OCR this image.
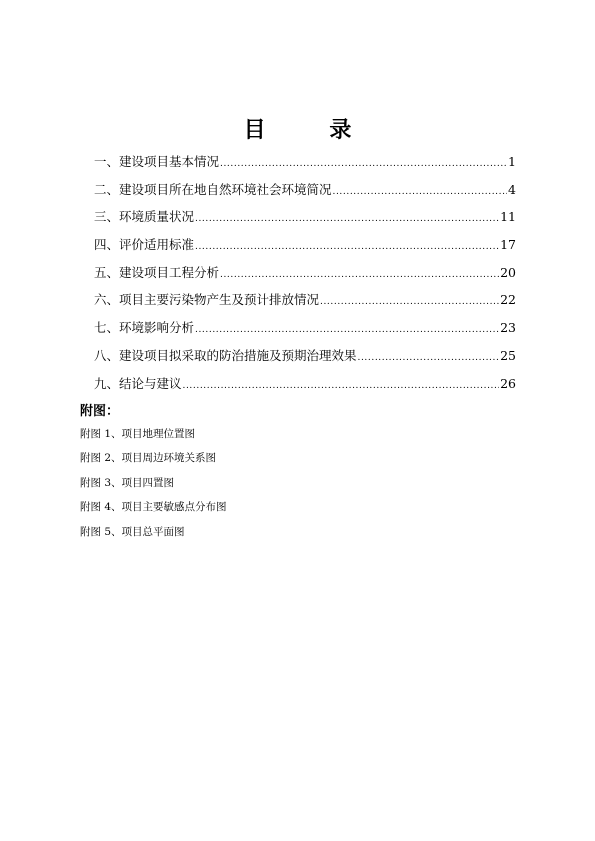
目 录
一、建设项目基本情况 .....	1
二、建设项目所在地自然环境社会环境简况 .....	4
三、环境质量状况 .....	11
四、评价适用标准 .....	17
五、建设项目工程分析 .....	20
六、项目主要污染物产生及预计排放情况 .....	22
七、环境影响分析 .....	23
八、建设项目拟采取的防治措施及预期治理效果 .....	25
九、结论与建议 .....	26
附图：
附图 1、项目地理位置图
附图 2、项目周边环境关系图
附图 3、项目四置图
附图 4、项目主要敏感点分布图
附图 5、项目总平面图
